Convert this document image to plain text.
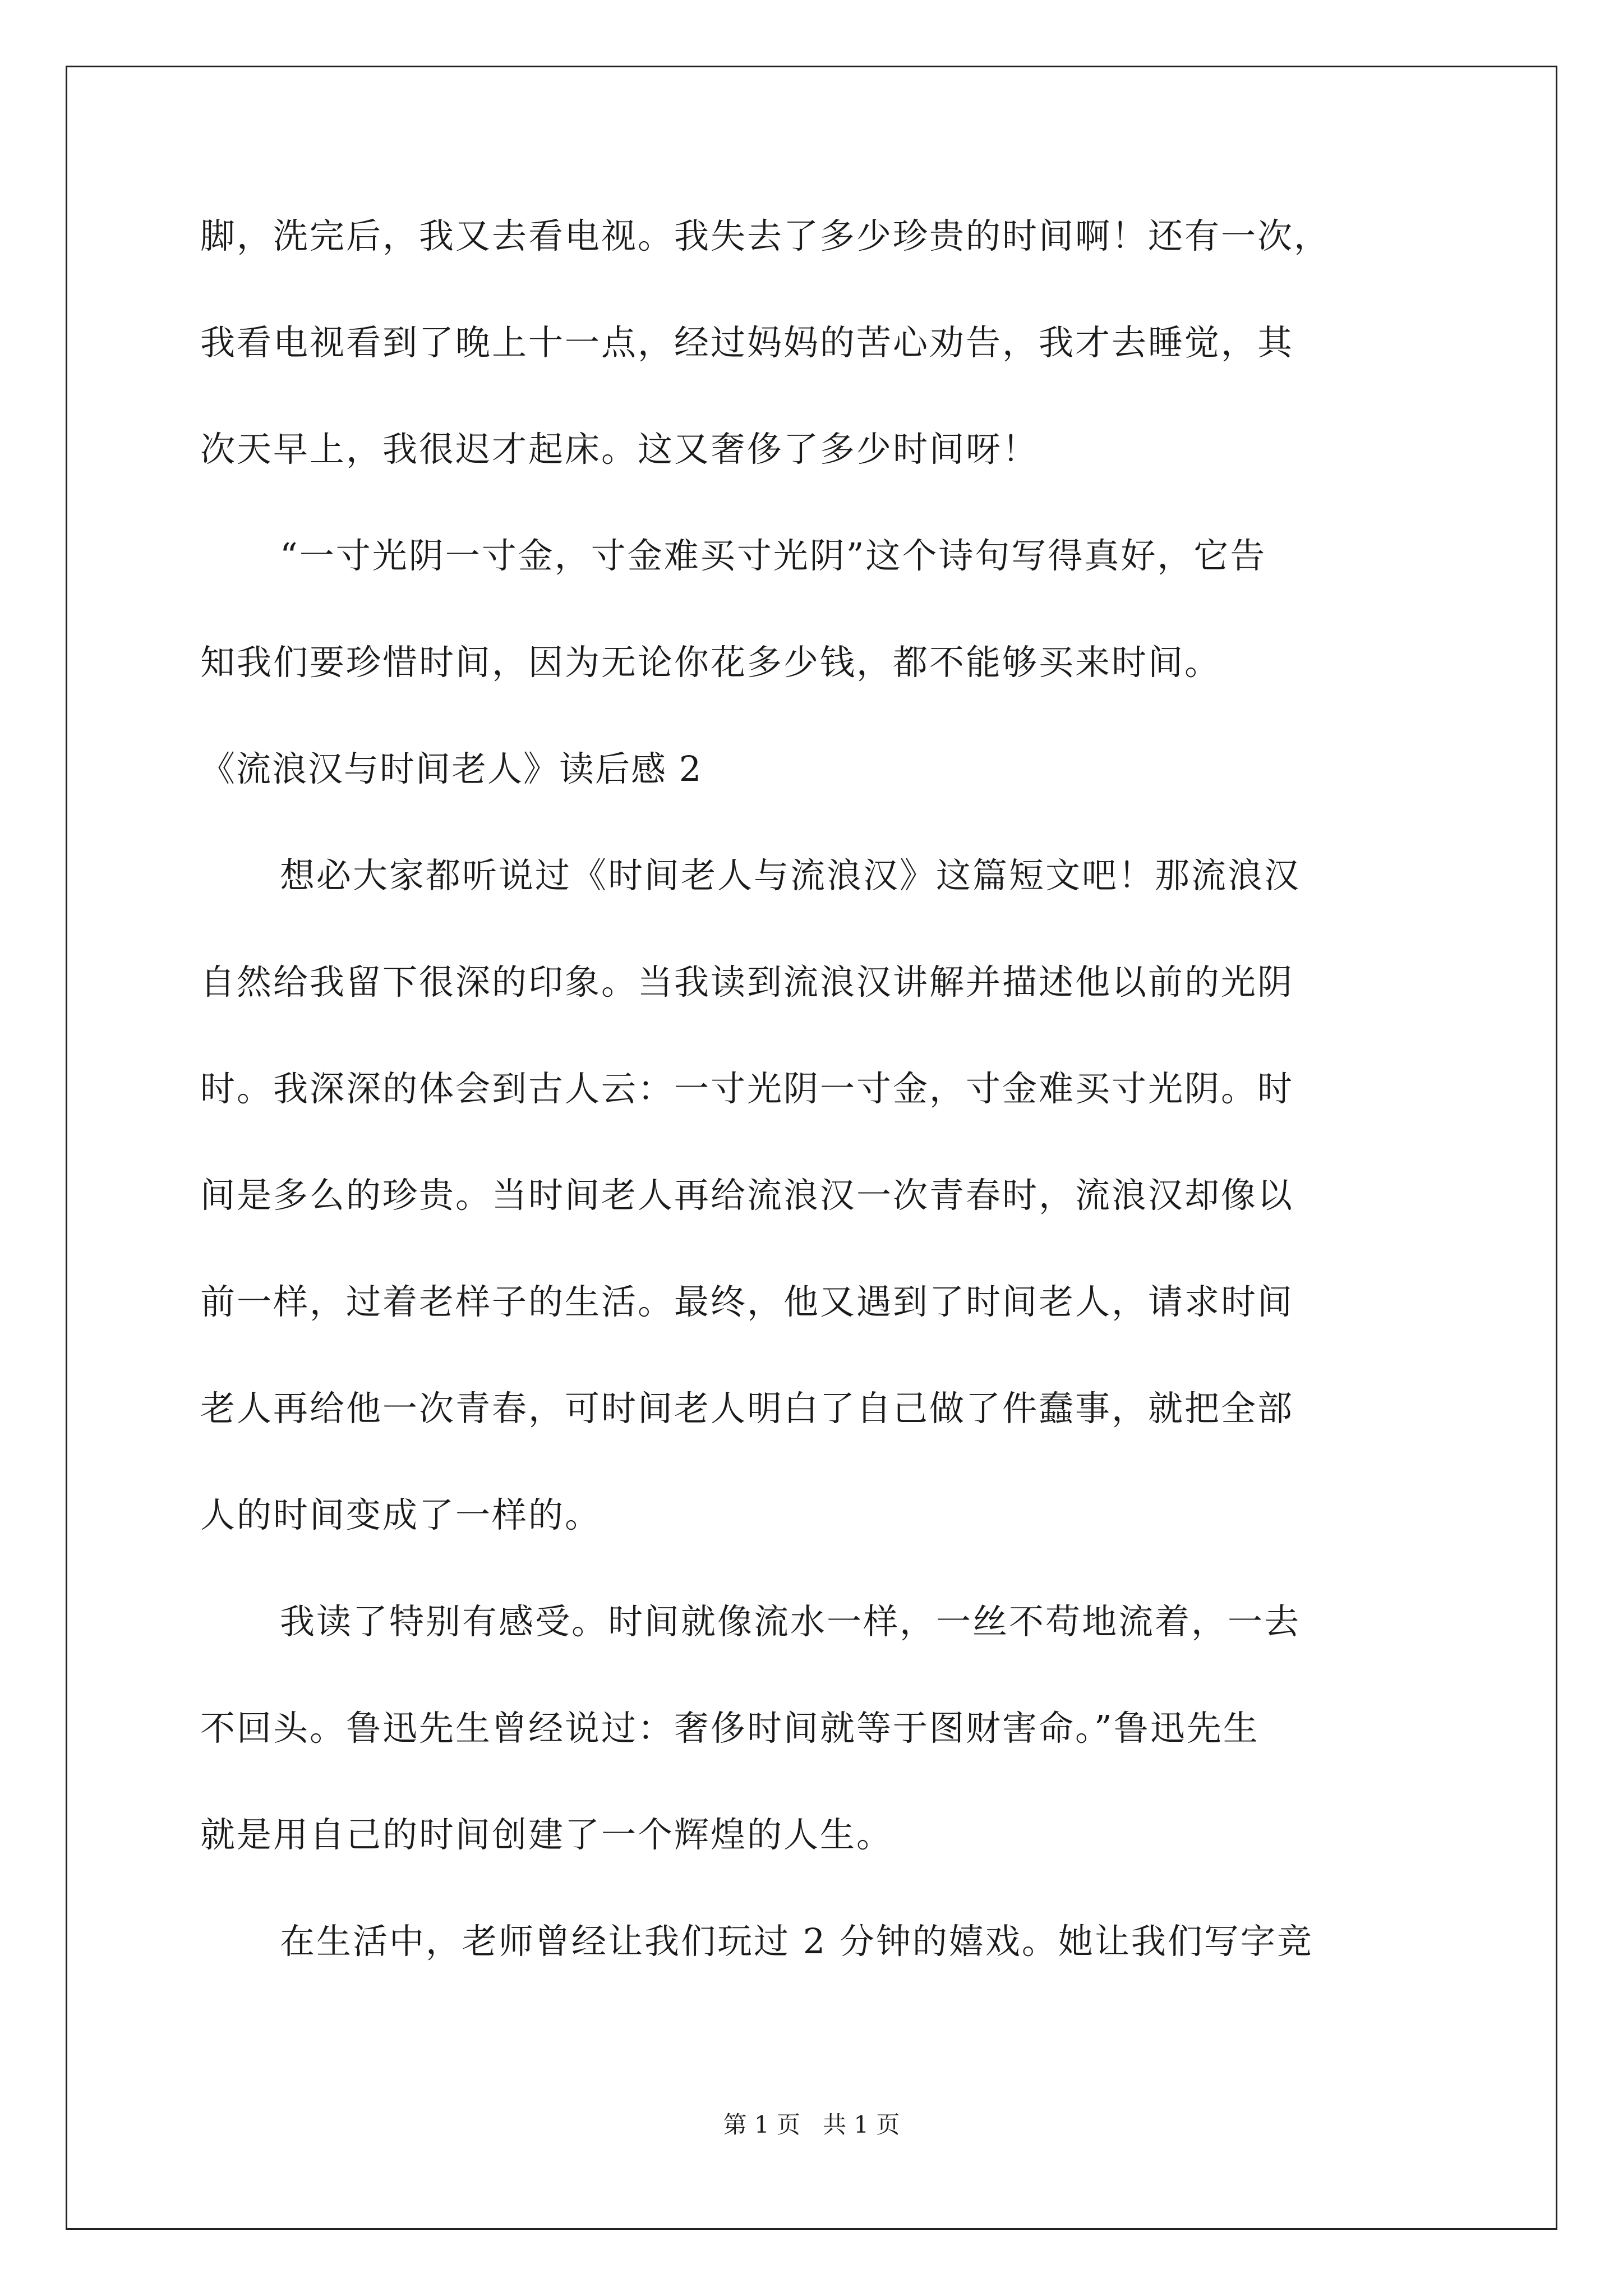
脚，洗完后，我又去看电视。我失去了多少珍贵的时间啊！还有一次，

我看电视看到了晚上十一点，经过妈妈的苦心劝告，我才去睡觉，其

次天早上，我很迟才起床。这又奢侈了多少时间呀！

“一寸光阴一寸金，寸金难买寸光阴”这个诗句写得真好，它告

知我们要珍惜时间，因为无论你花多少钱，都不能够买来时间。

《流浪汉与时间老人》读后感 2

想必大家都听说过《时间老人与流浪汉》这篇短文吧！那流浪汉

自然给我留下很深的印象。当我读到流浪汉讲解并描述他以前的光阴

时。我深深的体会到古人云：一寸光阴一寸金，寸金难买寸光阴。时

间是多么的珍贵。当时间老人再给流浪汉一次青春时，流浪汉却像以

前一样，过着老样子的生活。最终，他又遇到了时间老人，请求时间

老人再给他一次青春，可时间老人明白了自己做了件蠢事，就把全部

人的时间变成了一样的。

我读了特别有感受。时间就像流水一样，一丝不苟地流着，一去

不回头。鲁迅先生曾经说过：奢侈时间就等于图财害命。”鲁迅先生

就是用自己的时间创建了一个辉煌的人生。

在生活中，老师曾经让我们玩过 2 分钟的嬉戏。她让我们写字竞

第 1 页 共 1 页
